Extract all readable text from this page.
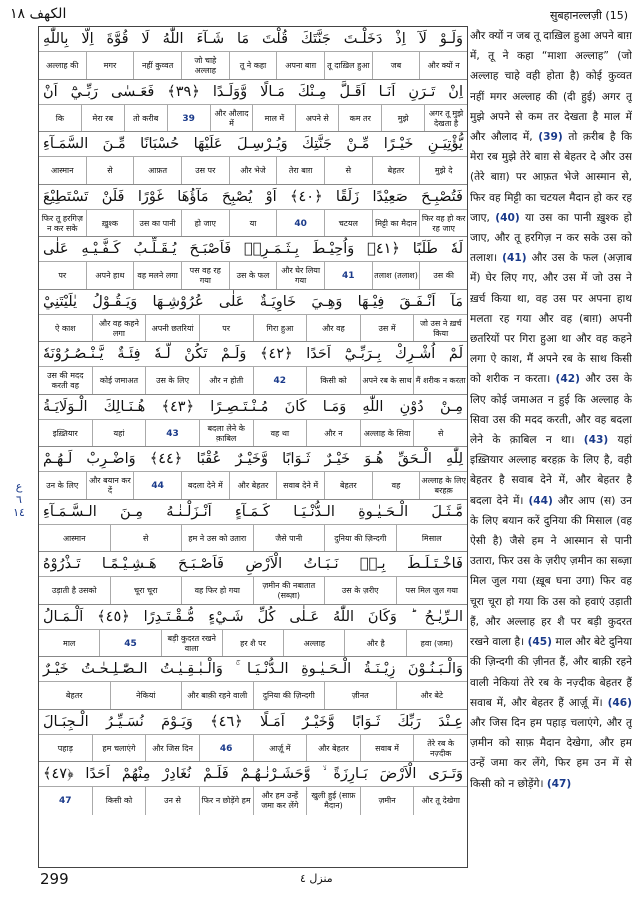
الكهف ١٨	सुबहानल्लज़ी (15)
ع
٦
١٤
وَلَـوْ لَآ اِذْ دَخَلْـتَ جَنَّتَكَ قُلْتَ مَا شَـآءَ اللّٰهُ لَا قُوَّةَ اِلَّا بِاللّٰهِ
और क्यों न
जब
तू दाख़िल हुआ
अपना बाग़
तू ने कहा
जो चाहे अल्लाह
नहीं कुव्वत
मगर
अल्लाह की
اِنْ تَـرَنِ اَنَـا اَقَـلَّ مِـنْكَ مَـالًا وَّوَلَـدًا ﴿٣٩﴾ فَعَـسٰى رَبِّـيْٓ اَنْ
अगर तू मुझे देखता है
मुझे
कम तर
अपने से
माल में
और औलाद में
39
तो करीब
मेरा रब
कि
يُّؤْتِيَـنِ خَيْـرًا مِّـنْ جَنَّتِكَ وَيُـرْسِـلَ عَلَيْهَا حُسْبَانًا مِّـنَ السَّمَـآءِ
मुझे दे
बेहतर
से
तेरा बाग़
और भेजे
उस पर
आफ़त
से
आस्मान
فَتُصْبِـحَ صَعِيْدًا زَلَقًا ﴿٤٠﴾ اَوْ يُصْبِحَ مَآؤُهَا غَوْرًا فَلَنْ تَسْتَطِيْعَ
फिर वह हो कर रह जाए
मिट्टी का मैदान
चटयल
40
या
हो जाए
उस का पानी
ख़ुश्क
फिर तू हरगिज़ न कर सके
لَهٗ طَلَبًا ﴿٤١﴾ وَاُحِيْـطَ بِـثَـمَـرِهٖ فَاَصْبَـحَ يُـقَـلِّـبُ كَـفَّـيْـهِ عَلٰى
उस की
तलाश (तलाश)
41
और घेर लिया गया
उस के फल
पस वह रह गया
वह मलने लगा
अपने हाथ
पर
مَآ اَنْـفَـقَ فِيْـهَا وَهِـيَ خَاوِيَـةٌ عَلٰى عُرُوْشِـهَا وَيَـقُـوْلُ يٰلَيْتَنِيْ
जो उस ने ख़र्च किया
उस में
और वह
गिरा हुआ
पर
अपनी छतरियां
और वह कहने लगा
ऐ काश
لَمْ اُشْـرِكْ بِـرَبِّـيْٓ اَحَدًا ﴿٤٢﴾ وَلَـمْ تَكُنْ لَّـهٗ فِئَـةٌ يَّـنْـصُـرُوْنَهٗ
मैं शरीक न करता
अपने रब के साथ
किसी को
42
और न होती
उस के लिए
कोई जमाअत
उस की मदद करती वह
مِـنْ دُوْنِ اللّٰهِ وَمَـا كَانَ مُـنْـتَـصِـرًا ﴿٤٣﴾ هُـنَـالِكَ الْـوَلَايَـةُ
से
अल्लाह के सिवा
और न
वह था
बदला लेने के क़ाबिल
43
यहां
इख़्तियार
لِلّٰهِ الْـحَقِّ هُـوَ خَيْـرٌ ثَـوَابًا وَّخَيْـرٌ عُقْبًا ﴿٤٤﴾ وَاضْـرِبْ لَـهُـمْ
अल्लाह के लिए बरहक़
वह
बेहतर
सवाब देने में
और बेहतर
बदला देने में
44
और बयान कर दें
उन के लिए
مَّـثَـلَ الْـحَـيٰـوةِ الـدُّنْـيَـا كَـمَـآءٍ اَنْـزَلْـنٰـهُ مِـنَ الـسَّـمَـآءِ
मिसाल
दुनिया की ज़िन्दगी
जैसे पानी
हम ने उस को उतारा
से
आस्मान
فَاخْـتَـلَـطَ بِـهٖ نَـبَـاتُ الْاَرْضِ فَاَصْـبَـحَ هَـشِـيْـمًـا تَـذْرُوْهُ
पस मिल जुल गया
उस के ज़रीए
ज़मीन की नबातात (सब्ज़ा)
वह फिर हो गया
चूरा चूरा
उड़ाती है उसको
الـرِّيٰـحُ ؕ وَكَانَ اللّٰهُ عَـلٰى كُلِّ شَـيْءٍ مُّـقْـتَـدِرًا ﴿٤٥﴾ اَلْـمَـالُ
हवा (जमा)
और है
अल्लाह
हर शै पर
बड़ी कुदरत रखने वाला
45
माल
وَالْـبَـنُـوْنَ زِيْـنَـةُ الْـحَـيٰـوةِ الـدُّنْـيَـا ۚ وَالْـبٰـقِـيٰـتُ الـصّٰـلِـحٰـتُ خَيْـرٌ
और बेटे
ज़ीनत
दुनिया की ज़िन्दगी
और बाक़ी रहने वाली
नेकियां
बेहतर
عِـنْدَ رَبِّكَ ثَـوَابًا وَّخَيْـرٌ اَمَـلًا ﴿٤٦﴾ وَيَـوْمَ نُسَـيِّـرُ الْـجِبَـالَ
तेरे रब के नज़्दीक
सवाब में
और बेहतर
आर्ज़ू में
46
और जिस दिन
हम चलाएंगे
पहाड़
وَتَـرَى الْاَرْضَ بَـارِزَةً ۙ وَّحَشَـرْنٰـهُـمْ فَلَـمْ نُغَادِرْ مِنْهُمْ اَحَدًا ﴿٤٧﴾
और तू देखेगा
ज़मीन
खुली हुई (साफ़ मैदान)
और हम उन्हें जमा कर लेंगे
फिर न छोड़ेंगे हम
उन से
किसी को
47
और क्यों न जब तू दाख़िल हुआ अपने बाग़ में, तू ने कहा “माशा अल्लाह” (जो अल्लाह चाहे वही होता है) कोई कुव्वत नहीं मगर अल्लाह की (दी हुई) अगर तू मुझे अपने से कम तर देखता है माल में और औलाद में, (39) तो क़रीब है कि मेरा रब मुझे तेरे बाग़ से बेहतर दे और उस (तेरे बाग़) पर आफ़त भेजे आस्मान से, फिर वह मिट्टी का चटयल मैदान हो कर रह जाए, (40) या उस का पानी ख़ुश्क हो जाए, और तू हरगिज़ न कर सके उस को तलाश। (41) और उस के फल (अज़ाब में) घेर लिए गए, और उस में जो उस ने ख़र्च किया था, वह उस पर अपना हाथ मलता रह गया और वह (बाग़) अपनी छतरियों पर गिरा हुआ था और वह कहने लगा ऐ काश, मैं अपने रब के साथ किसी को शरीक न करता। (42) और उस के लिए कोई जमाअत न हुई कि अल्लाह के सिवा उस की मदद करती, और वह बदला लेने के क़ाबिल न था। (43) यहां इख़्तियार अल्लाह बरहक़ के लिए है, वही बेहतर है सवाब देने में, और बेहतर है बदला देने में। (44) और आप (स) उन के लिए बयान करें दुनिया की मिसाल (वह ऐसी है) जैसे हम ने आस्मान से पानी उतारा, फिर उस के ज़रीए ज़मीन का सब्ज़ा मिल जुल गया (ख़ूब घना उगा) फिर वह चूरा चूरा हो गया कि उस को हवाएं उड़ाती हैं, और अल्लाह हर शै पर बड़ी कुदरत रखने वाला है। (45) माल और बेटे दुनिया की ज़िन्दगी की ज़ीनत हैं, और बाक़ी रहने वाली नेकियां तेरे रब के नज़्दीक बेहतर हैं सवाब में, और बेहतर हैं आर्ज़ू में। (46) और जिस दिन हम पहाड़ चलाएंगे, और तू ज़मीन को साफ़ मैदान देखेगा, और हम उन्हें जमा कर लेंगे, फिर हम उन में से किसी को न छोड़ेंगे। (47)
299	منزل ٤
